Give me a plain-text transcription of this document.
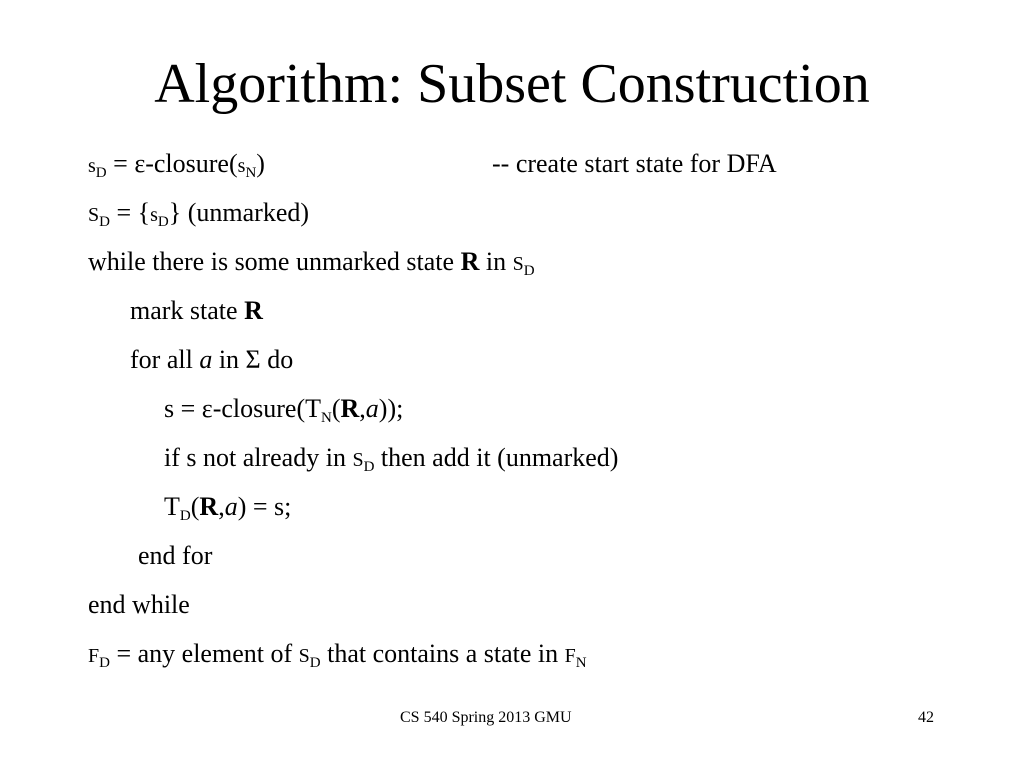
Algorithm: Subset Construction
$s_D$ = $\varepsilon-closure(s_N)$	-- create start state for DFA
$S_D = \{s_D\}$ (unmarked)
while there is some unmarked state R in $S_D$
mark state R
for all a in Σ do
$s = \varepsilon-closure(T_N(R,a))$;
if s not already in $S_D$ then add it (unmarked)
$T_D(R,a) = s$;
end for
end while
$F_D$ = any element of $S_D$ that contains a state in $F_N$
CS 540 Spring 2013 GMU	42
